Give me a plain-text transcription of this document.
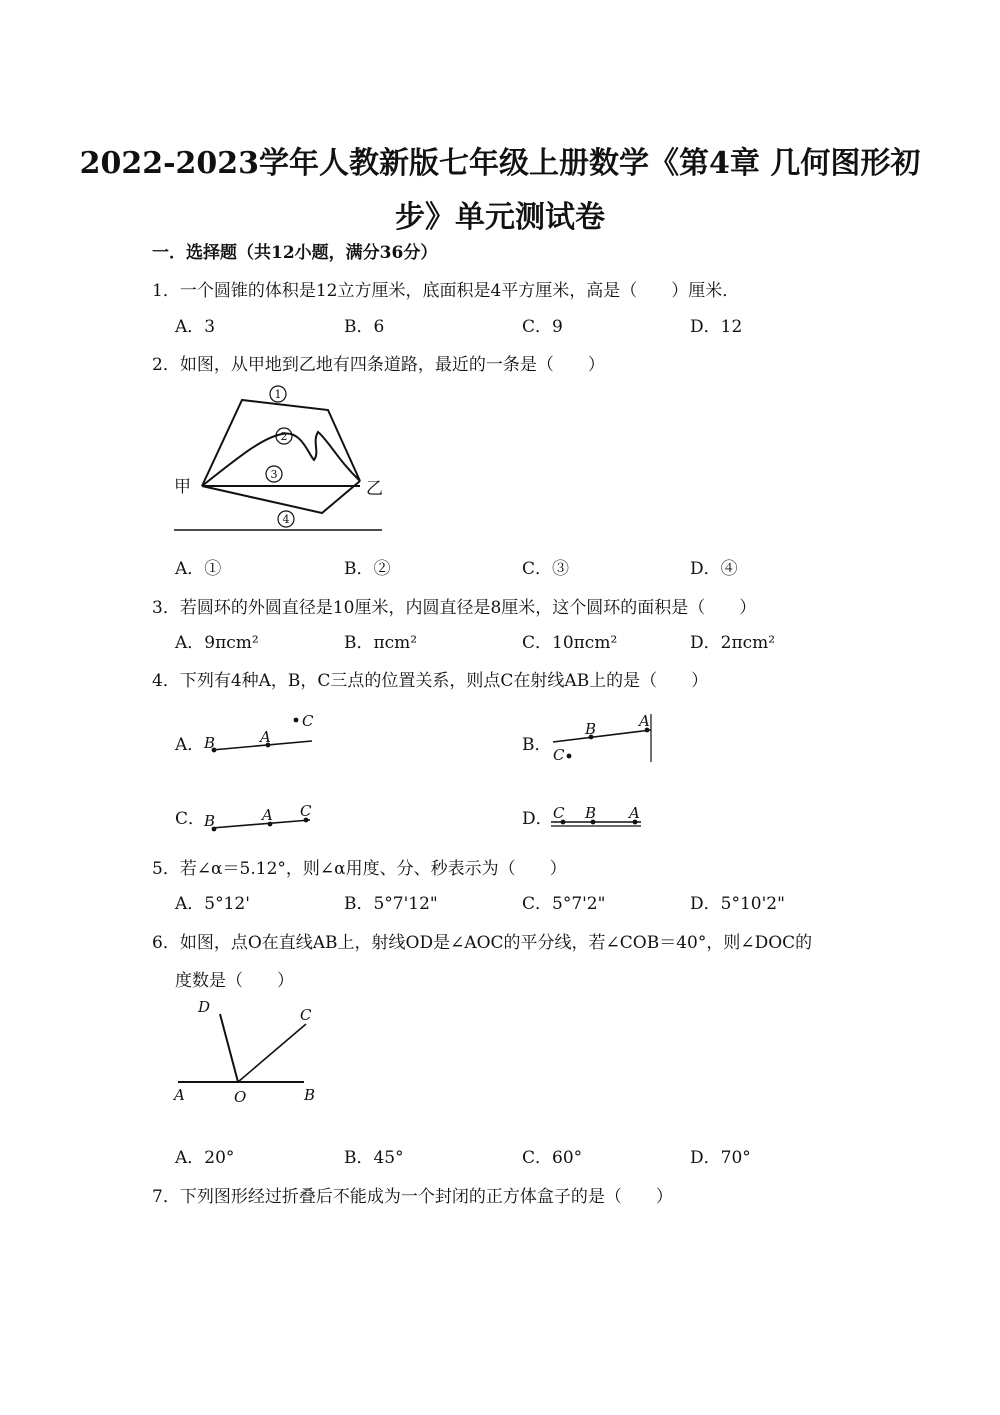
2022-2023学年人教新版七年级上册数学《第4章 几何图形初
步》单元测试卷
一．选择题（共12小题，满分36分）
1．一个圆锥的体积是12立方厘米，底面积是4平方厘米，高是（　　）厘米．
A．3	B．6	C．9	D．12
2．如图，从甲地到乙地有四条道路，最近的一条是（　　）
1
2
3
4
甲	乙
A．①	B．②	C．③	D．④
3．若圆环的外圆直径是10厘米，内圆直径是8厘米，这个圆环的面积是（　　）
A．9πcm²	B．πcm²	C．10πcm²	D．2πcm²
4．下列有4种A，B，C三点的位置关系，则点C在射线AB上的是（　　）
A． B	A
C
B．
B	A
C
C．
B	A C	D． C B A
5．若∠α＝5.12°，则∠α用度、分、秒表示为（　　）
A．5°12'	B．5°7'12"	C．5°7'2"	D．5°10'2"
6．如图，点O在直线AB上，射线OD是∠AOC的平分线，若∠COB＝40°，则∠DOC的
度数是（　　）
D	C
A	O	B
A．20°	B．45°	C．60°	D．70°
7．下列图形经过折叠后不能成为一个封闭的正方体盒子的是（　　）
